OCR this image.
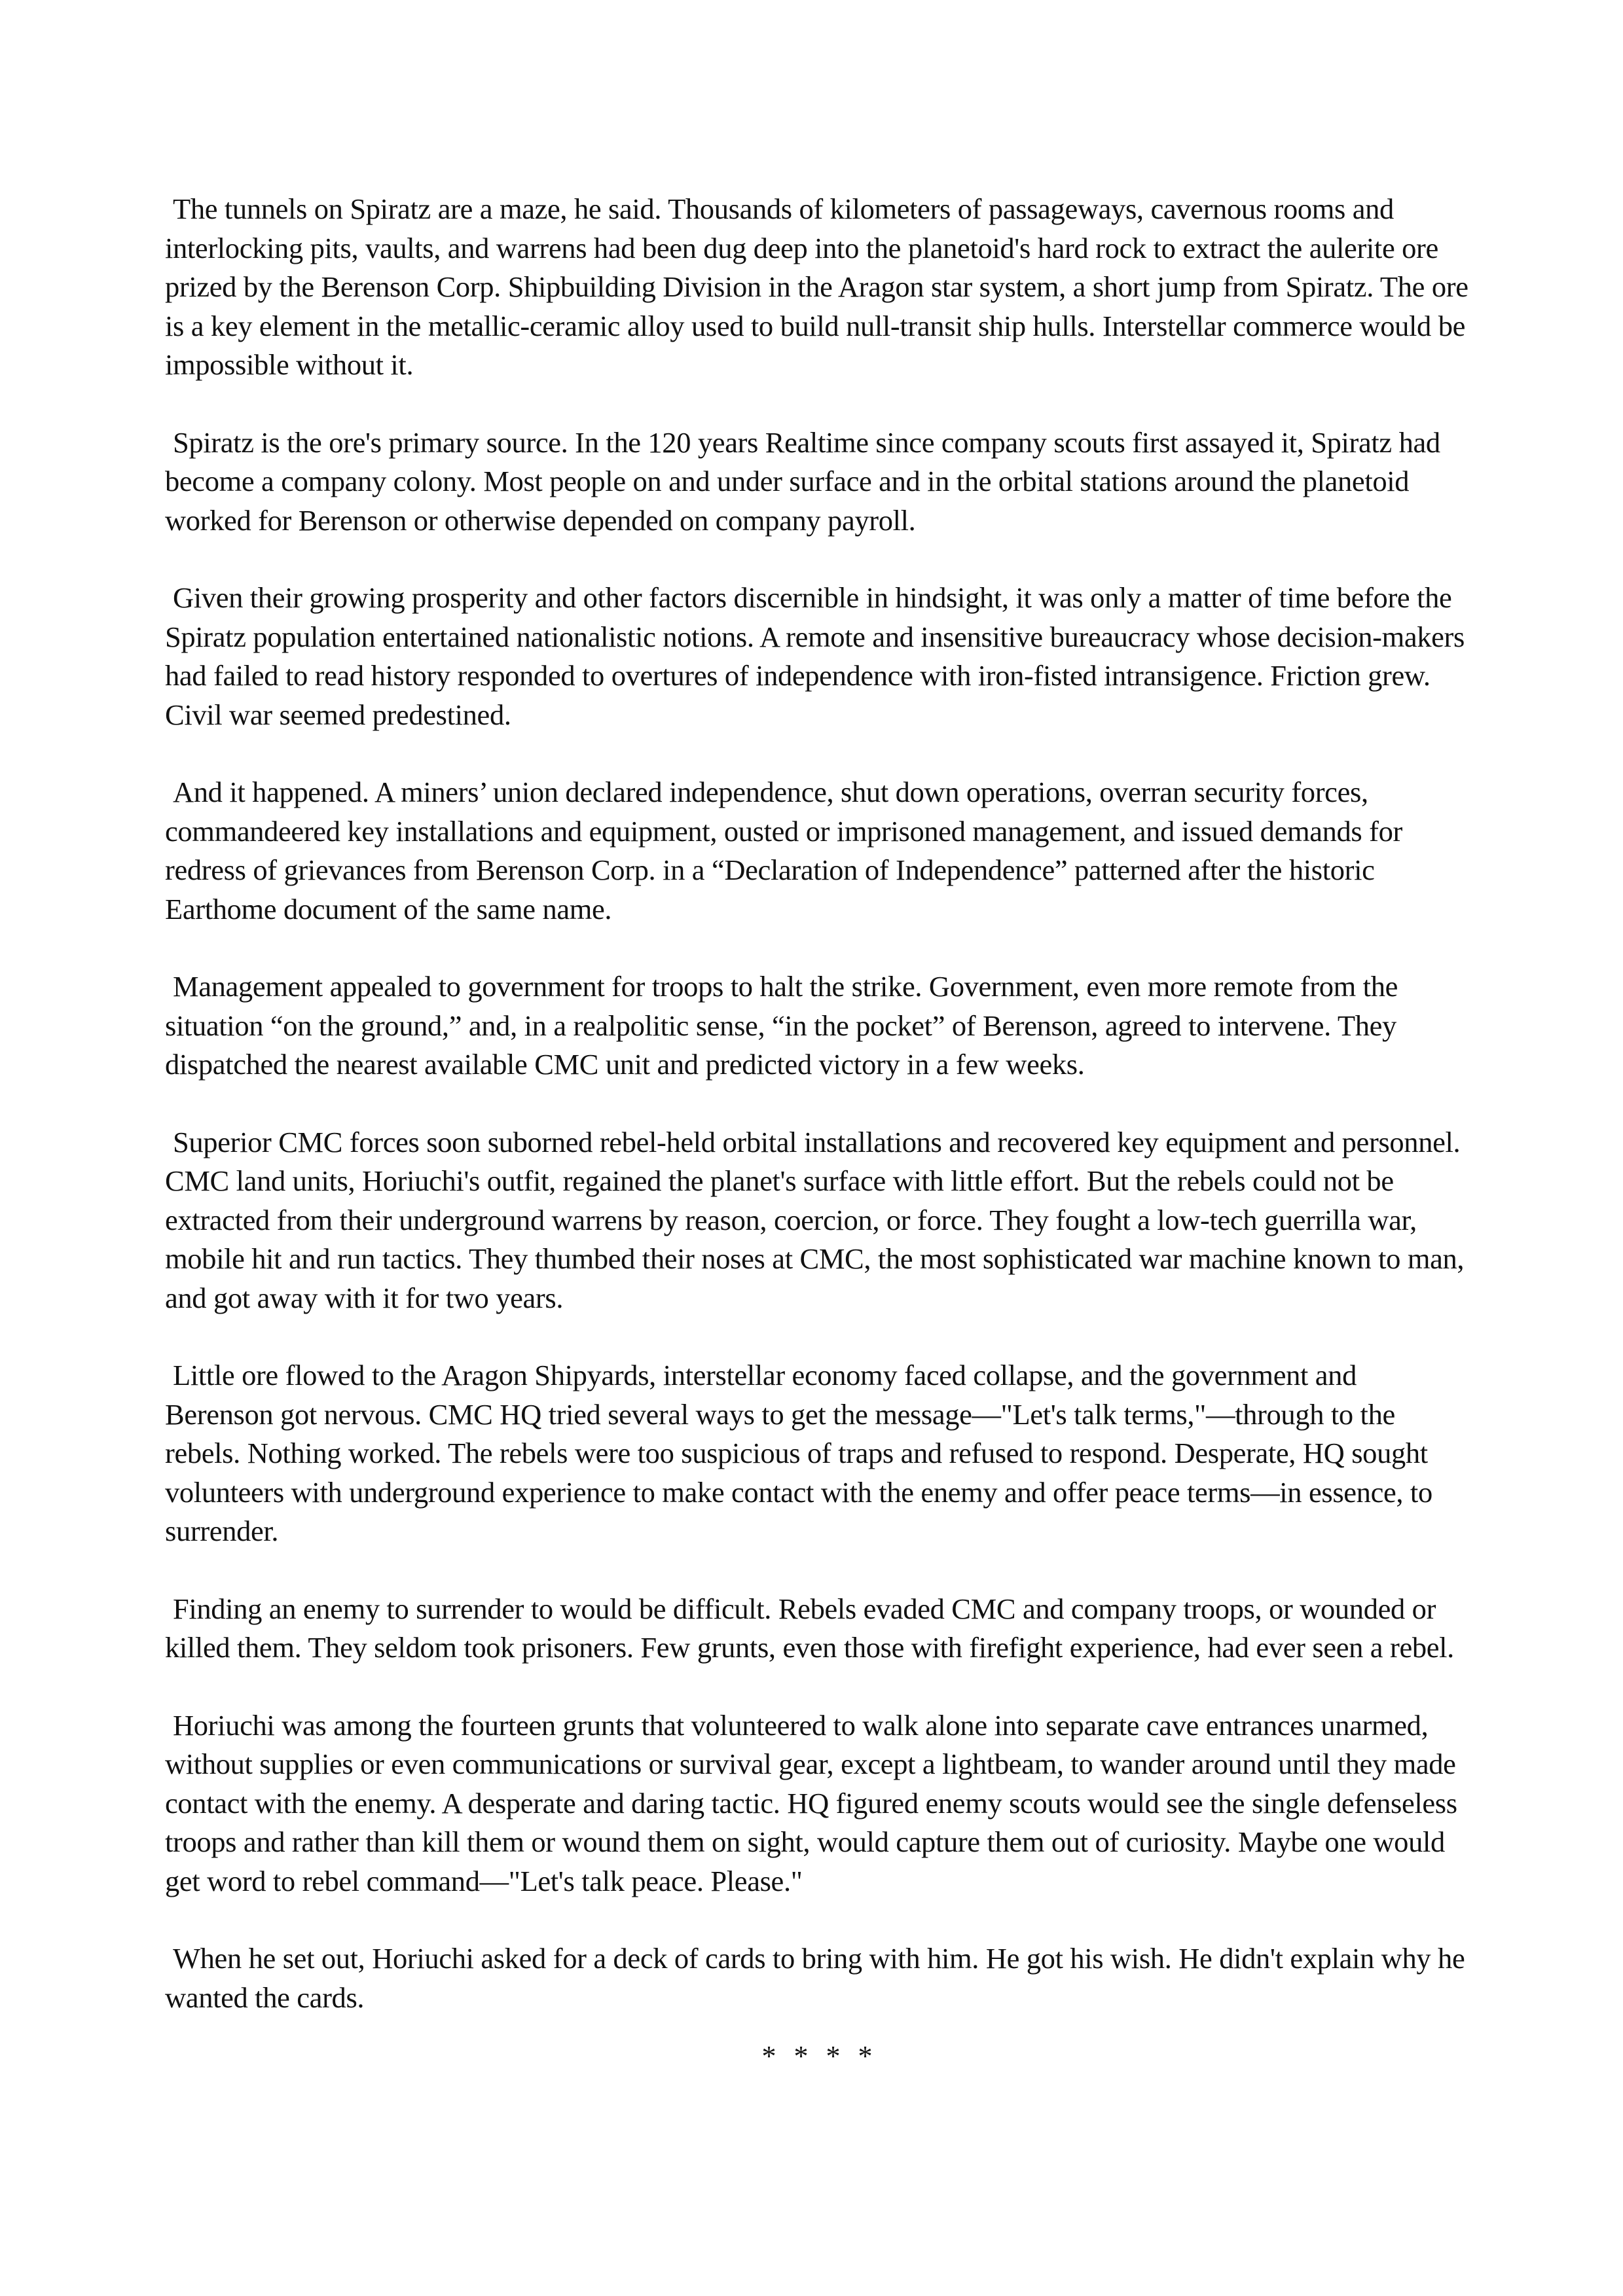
The tunnels on Spiratz are a maze, he said. Thousands of kilometers of passageways, cavernous rooms and interlocking pits, vaults, and warrens had been dug deep into the planetoid's hard rock to extract the aulerite ore prized by the Berenson Corp. Shipbuilding Division in the Aragon star system, a short jump from Spiratz. The ore is a key element in the metallic-ceramic alloy used to build null-transit ship hulls. Interstellar commerce would be impossible without it.

Spiratz is the ore's primary source. In the 120 years Realtime since company scouts first assayed it, Spiratz had become a company colony. Most people on and under surface and in the orbital stations around the planetoid worked for Berenson or otherwise depended on company payroll.

Given their growing prosperity and other factors discernible in hindsight, it was only a matter of time before the Spiratz population entertained nationalistic notions. A remote and insensitive bureaucracy whose decision-makers had failed to read history responded to overtures of independence with iron-fisted intransigence. Friction grew. Civil war seemed predestined.

And it happened. A miners’ union declared independence, shut down operations, overran security forces, commandeered key installations and equipment, ousted or imprisoned management, and issued demands for redress of grievances from Berenson Corp. in a “Declaration of Independence” patterned after the historic Earthome document of the same name.

Management appealed to government for troops to halt the strike. Government, even more remote from the situation “on the ground,” and, in a realpolitic sense, “in the pocket” of Berenson, agreed to intervene. They dispatched the nearest available CMC unit and predicted victory in a few weeks.

Superior CMC forces soon suborned rebel-held orbital installations and recovered key equipment and personnel. CMC land units, Horiuchi's outfit, regained the planet's surface with little effort. But the rebels could not be extracted from their underground warrens by reason, coercion, or force. They fought a low-tech guerrilla war, mobile hit and run tactics. They thumbed their noses at CMC, the most sophisticated war machine known to man, and got away with it for two years.

Little ore flowed to the Aragon Shipyards, interstellar economy faced collapse, and the government and Berenson got nervous. CMC HQ tried several ways to get the message—"Let's talk terms,"—through to the rebels. Nothing worked. The rebels were too suspicious of traps and refused to respond. Desperate, HQ sought volunteers with underground experience to make contact with the enemy and offer peace terms—in essence, to surrender.

Finding an enemy to surrender to would be difficult. Rebels evaded CMC and company troops, or wounded or killed them. They seldom took prisoners. Few grunts, even those with firefight experience, had ever seen a rebel.

Horiuchi was among the fourteen grunts that volunteered to walk alone into separate cave entrances unarmed, without supplies or even communications or survival gear, except a lightbeam, to wander around until they made contact with the enemy. A desperate and daring tactic. HQ figured enemy scouts would see the single defenseless troops and rather than kill them or wound them on sight, would capture them out of curiosity. Maybe one would get word to rebel command—"Let's talk peace. Please."

When he set out, Horiuchi asked for a deck of cards to bring with him. He got his wish. He didn't explain why he wanted the cards.

* * * *
